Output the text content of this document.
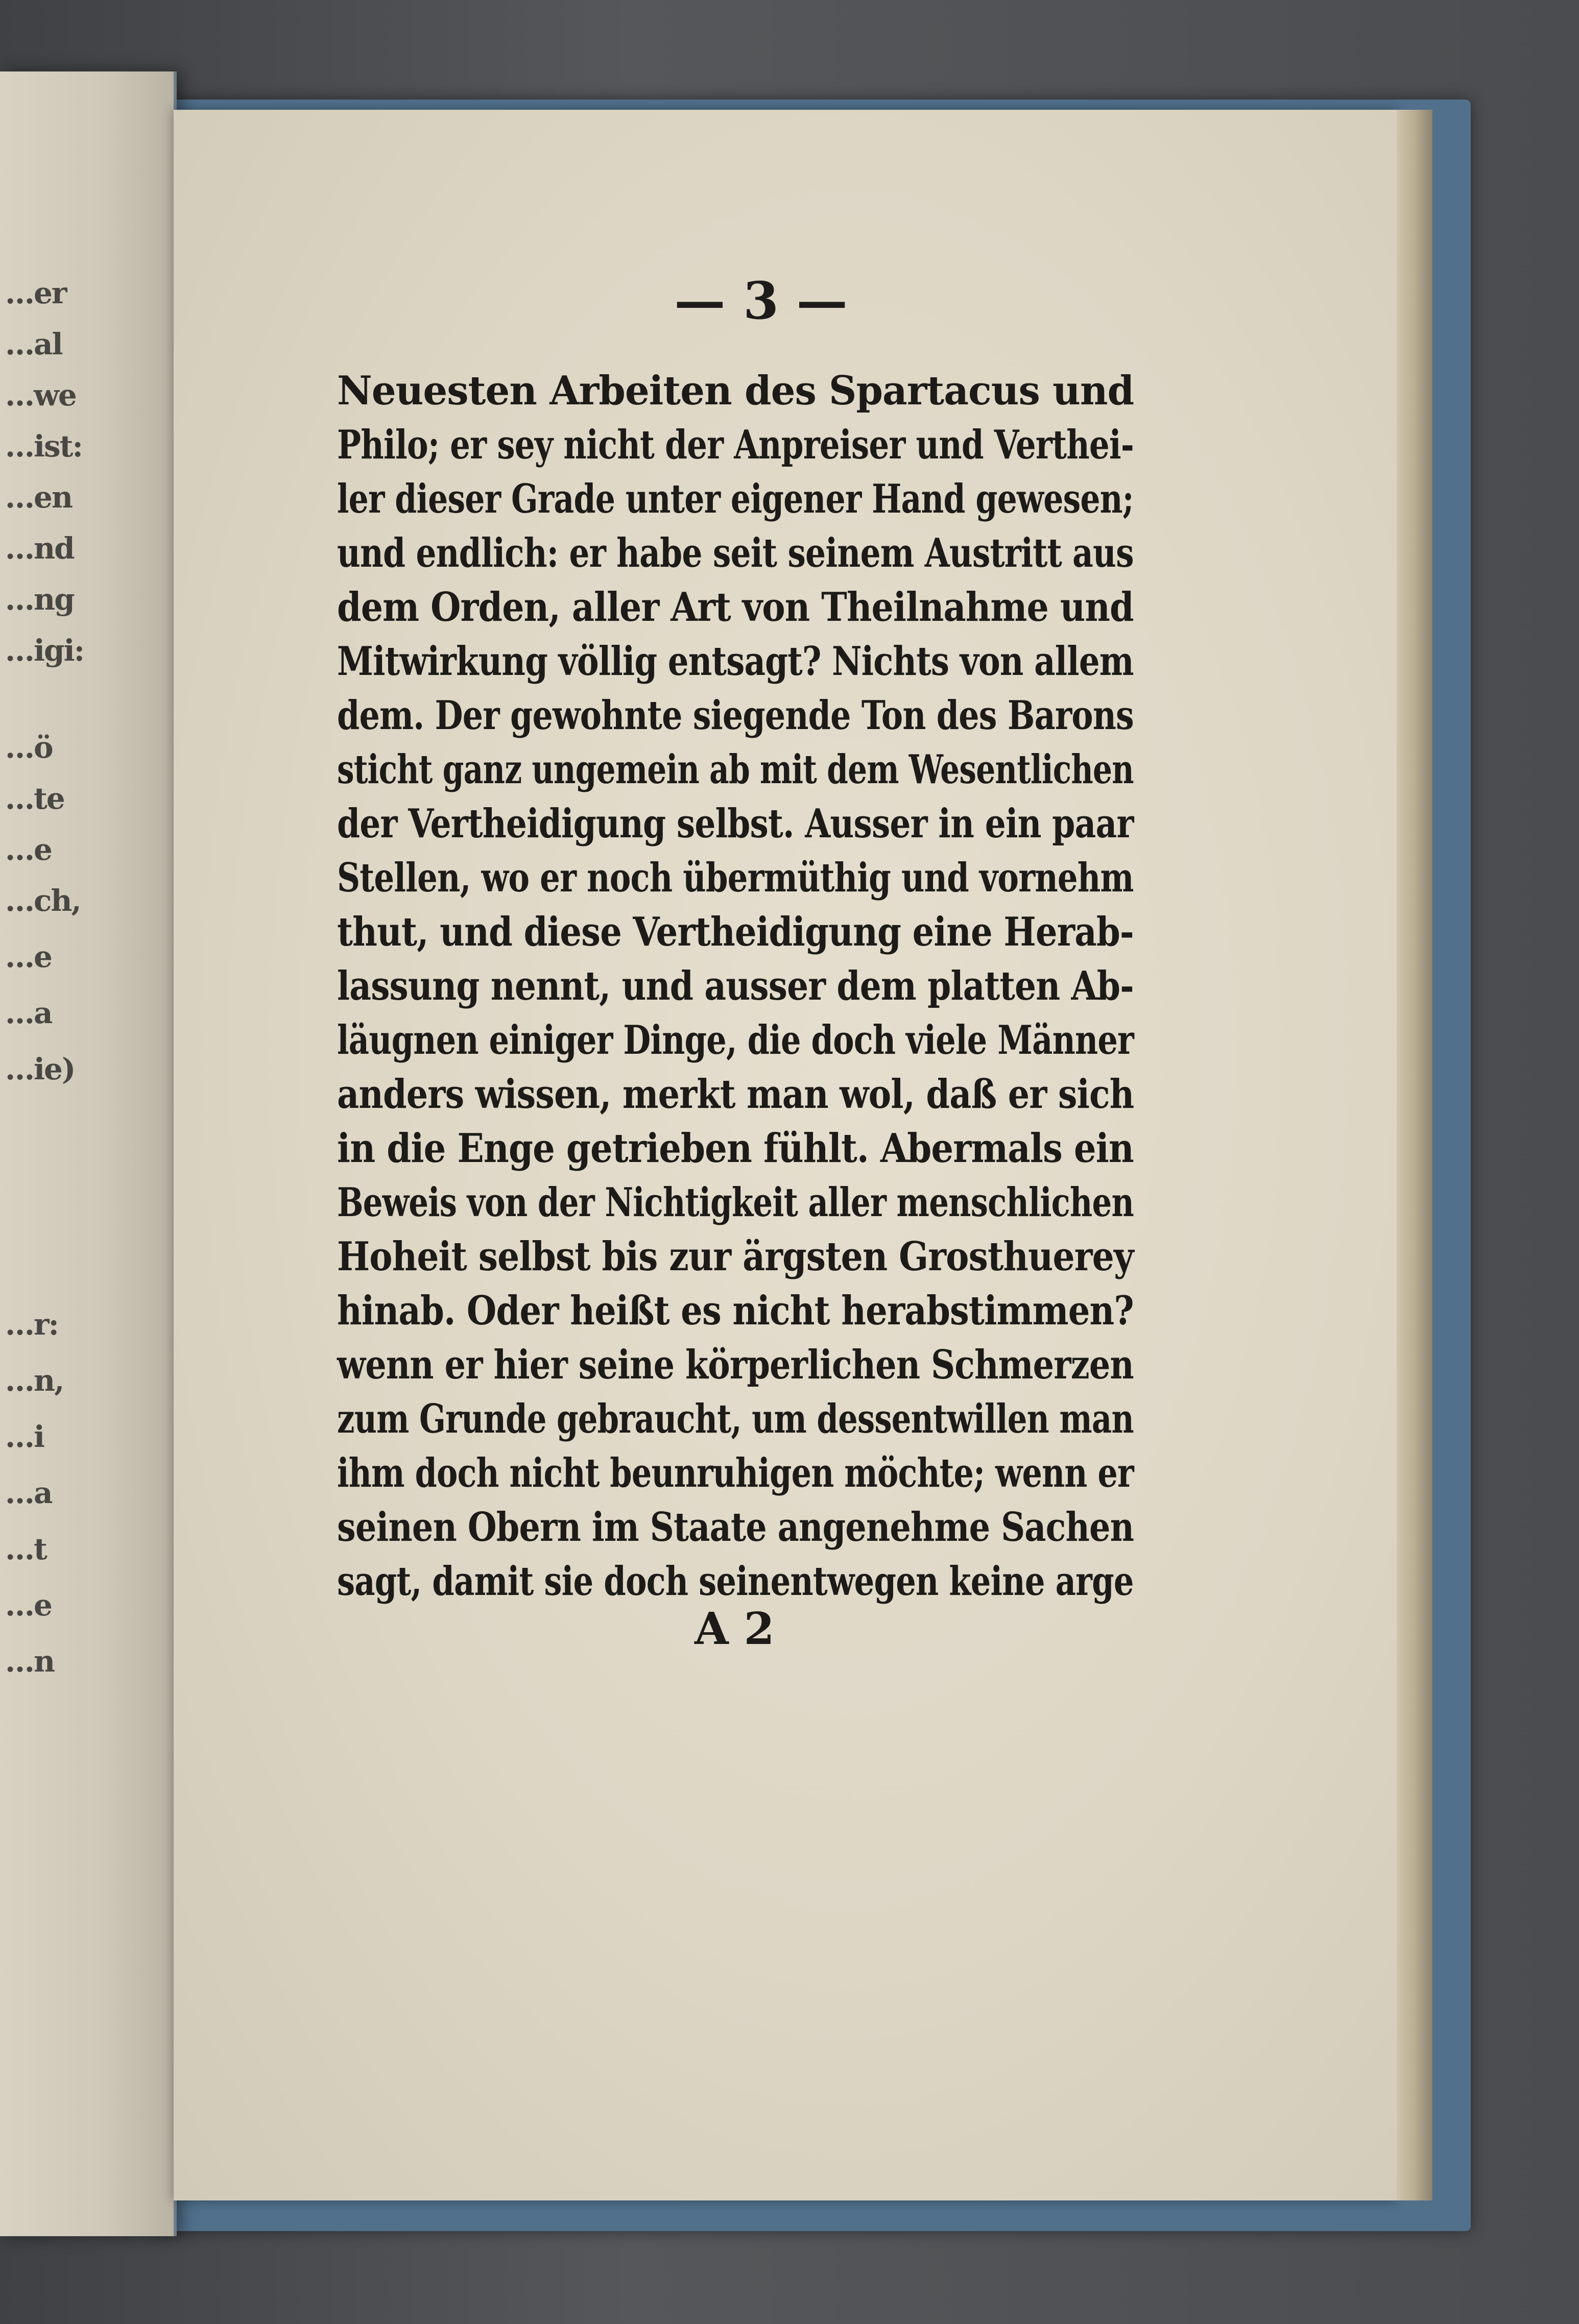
…er
…al
…we
…ist:
…en
…nd
…ng
…igi:
…ö
…te
…e
…ch,
…e
…a
…ie)
…r:
…n,
…i
…a
…t
…e
…n
— 3 —
Neuesten Arbeiten des Spartacus und
Philo; er sey nicht der Anpreiser und Verthei-
ler dieser Grade unter eigener Hand gewesen;
und endlich: er habe seit seinem Austritt aus
dem Orden, aller Art von Theilnahme und
Mitwirkung völlig entsagt? Nichts von allem
dem. Der gewohnte siegende Ton des Barons
sticht ganz ungemein ab mit dem Wesentlichen
der Vertheidigung selbst. Ausser in ein paar
Stellen, wo er noch übermüthig und vornehm
thut, und diese Vertheidigung eine Herab-
lassung nennt, und ausser dem platten Ab-
läugnen einiger Dinge, die doch viele Männer
anders wissen, merkt man wol, daß er sich
in die Enge getrieben fühlt. Abermals ein
Beweis von der Nichtigkeit aller menschlichen
Hoheit selbst bis zur ärgsten Grosthuerey
hinab. Oder heißt es nicht herabstimmen?
wenn er hier seine körperlichen Schmerzen
zum Grunde gebraucht, um dessentwillen man
ihm doch nicht beunruhigen möchte; wenn er
seinen Obern im Staate angenehme Sachen
sagt, damit sie doch seinentwegen keine arge
A 2
